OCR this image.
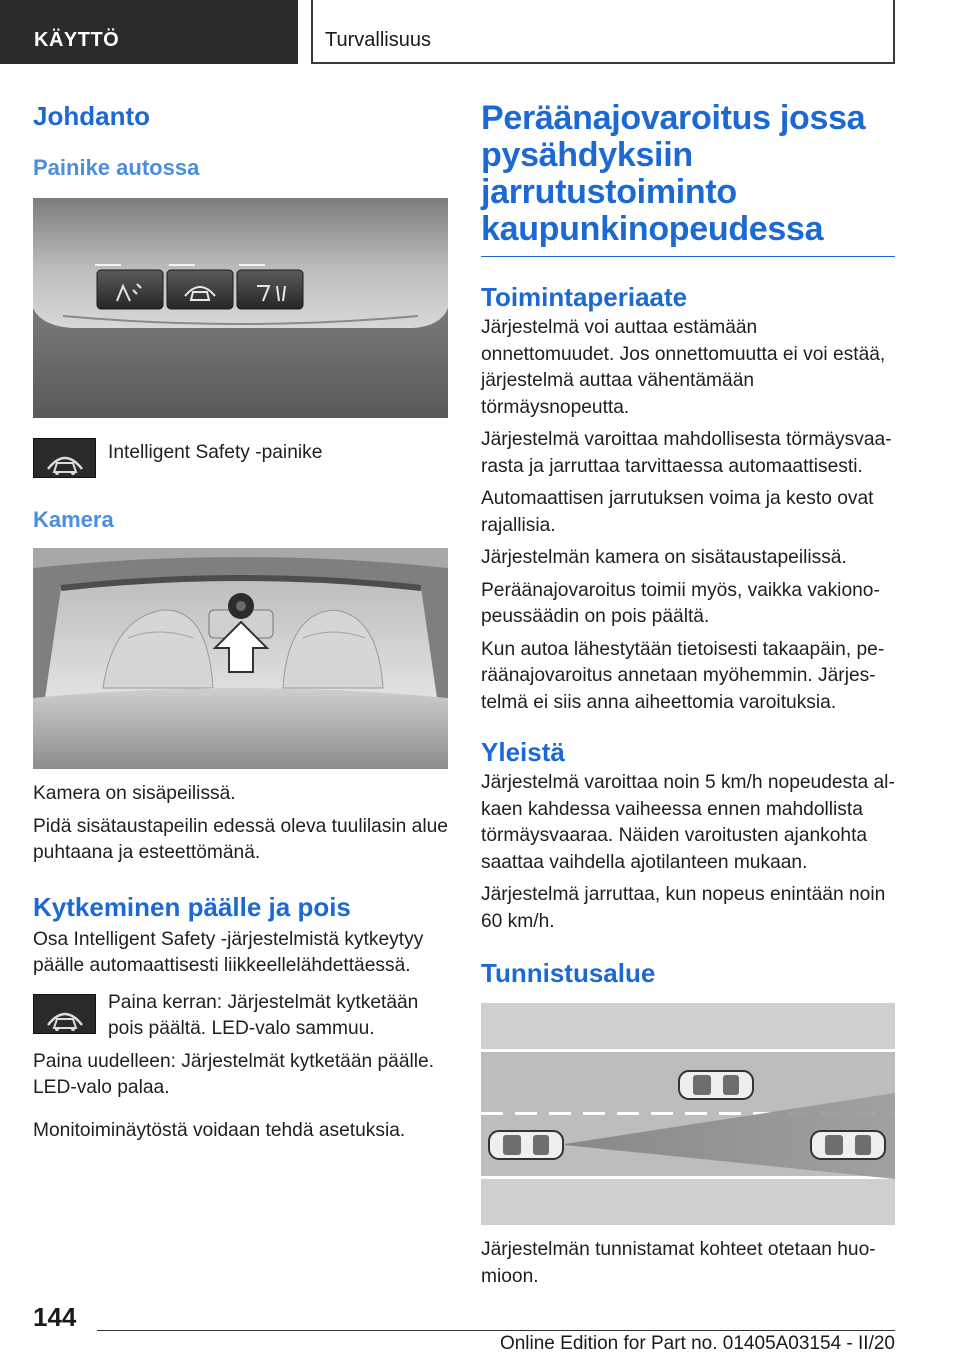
KÄYTTÖ	Turvallisuus
Johdanto
Painike autossa
Intelligent Safety -painike
Kamera

Kamera on sisäpeilissä.

Pidä sisätaustapeilin edessä oleva tuulilasin alue puhtaana ja esteettömänä.

Kytkeminen päälle ja pois

Osa Intelligent Safety -järjestelmistä kytkeytyy päälle automaattisesti liikkeellelähdettäessä.

Paina kerran: Järjestelmät kytketään pois päältä. LED-valo sammuu.

Paina uudelleen: Järjestelmät kytketään päälle. LED-valo palaa.

Monitoiminäytöstä voidaan tehdä asetuksia.

Peräänajovaroitus jossa pysähdyksiin jarrutustoiminto kaupunkinopeudessa
Toimintaperiaate

Järjestelmä voi auttaa estämään onnettomuudet. Jos onnettomuutta ei voi estää, järjestelmä auttaa vähentämään törmäysnopeutta.

Järjestelmä varoittaa mahdollisesta törmäysvaarasta ja jarruttaa tarvittaessa automaattisesti.

Automaattisen jarrutuksen voima ja kesto ovat rajallisia.

Järjestelmän kamera on sisätaustapeilissä.

Peräänajovaroitus toimii myös, vaikka vakionopeussäädin on pois päältä.

Kun autoa lähestytään tietoisesti takaapäin, peräänajovaroitus annetaan myöhemmin. Järjestelmä ei siis anna aiheettomia varoituksia.

Yleistä

Järjestelmä varoittaa noin 5 km/h nopeudesta alkaen kahdessa vaiheessa ennen mahdollista törmäysvaaraa. Näiden varoitusten ajankohta saattaa vaihdella ajotilanteen mukaan.

Järjestelmä jarruttaa, kun nopeus enintään noin 60 km/h.

Tunnistusalue

Järjestelmän tunnistamat kohteet otetaan huomioon.

144
Online Edition for Part no. 01405A03154 - II/20
